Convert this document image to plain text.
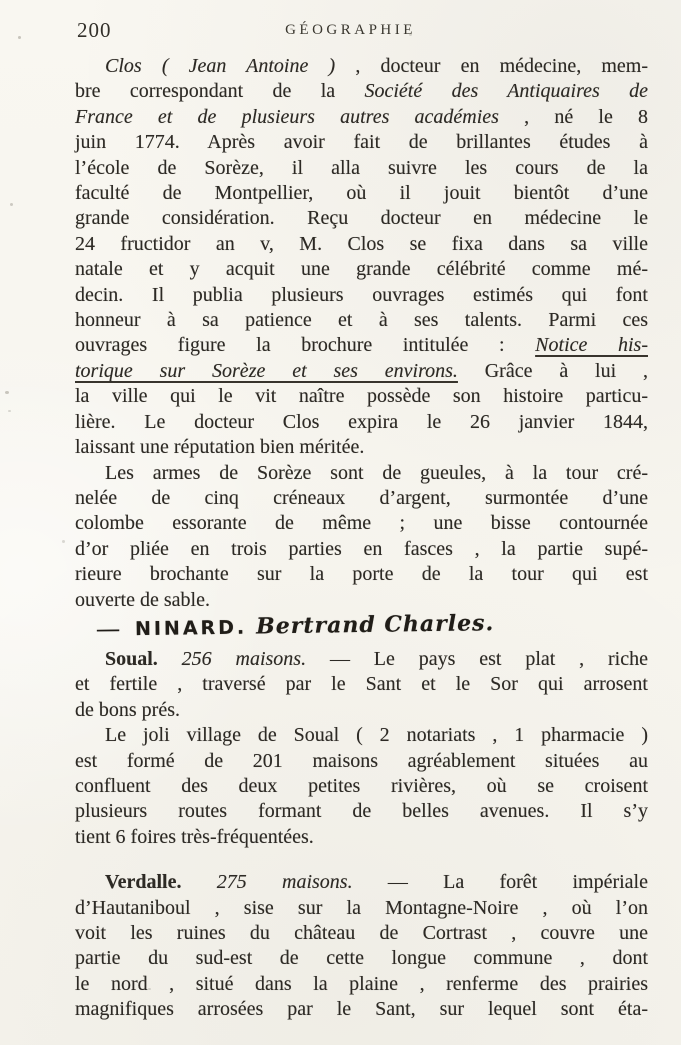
200	GÉOGRAPHIE
Clos ( Jean Antoine ) , docteur en médecine, mem-
bre correspondant de la Société des Antiquaires de
France et de plusieurs autres académies , né le 8
juin 1774. Après avoir fait de brillantes études à
l’école de Sorèze, il alla suivre les cours de la
faculté de Montpellier, où il jouit bientôt d’une
grande considération. Reçu docteur en médecine le
24 fructidor an v, M. Clos se fixa dans sa ville
natale et y acquit une grande célébrité comme mé-
decin. Il publia plusieurs ouvrages estimés qui font
honneur à sa patience et à ses talents. Parmi ces
ouvrages figure la brochure intitulée : Notice his-
torique sur Sorèze et ses environs. Grâce à lui ,
la ville qui le vit naître possède son histoire particu-
lière. Le docteur Clos expira le 26 janvier 1844,
laissant une réputation bien méritée.
Les armes de Sorèze sont de gueules, à la tour cré-
nelée de cinq créneaux d’argent, surmontée d’une
colombe essorante de même ; une bisse contournée
d’or pliée en trois parties en fasces , la partie supé-
rieure brochante sur la porte de la tour qui est
ouverte de sable.
— NINARD. Bertrand Charles.
Soual. 256 maisons. — Le pays est plat , riche
et fertile , traversé par le Sant et le Sor qui arrosent
de bons prés.
Le joli village de Soual ( 2 notariats , 1 pharmacie )
est formé de 201 maisons agréablement situées au
confluent des deux petites rivières, où se croisent
plusieurs routes formant de belles avenues. Il s’y
tient 6 foires très-fréquentées.
Verdalle. 275 maisons. — La forêt impériale
d’Hautaniboul , sise sur la Montagne-Noire , où l’on
voit les ruines du château de Cortrast , couvre une
partie du sud-est de cette longue commune , dont
le nord , situé dans la plaine , renferme des prairies
magnifiques arrosées par le Sant, sur lequel sont éta-
